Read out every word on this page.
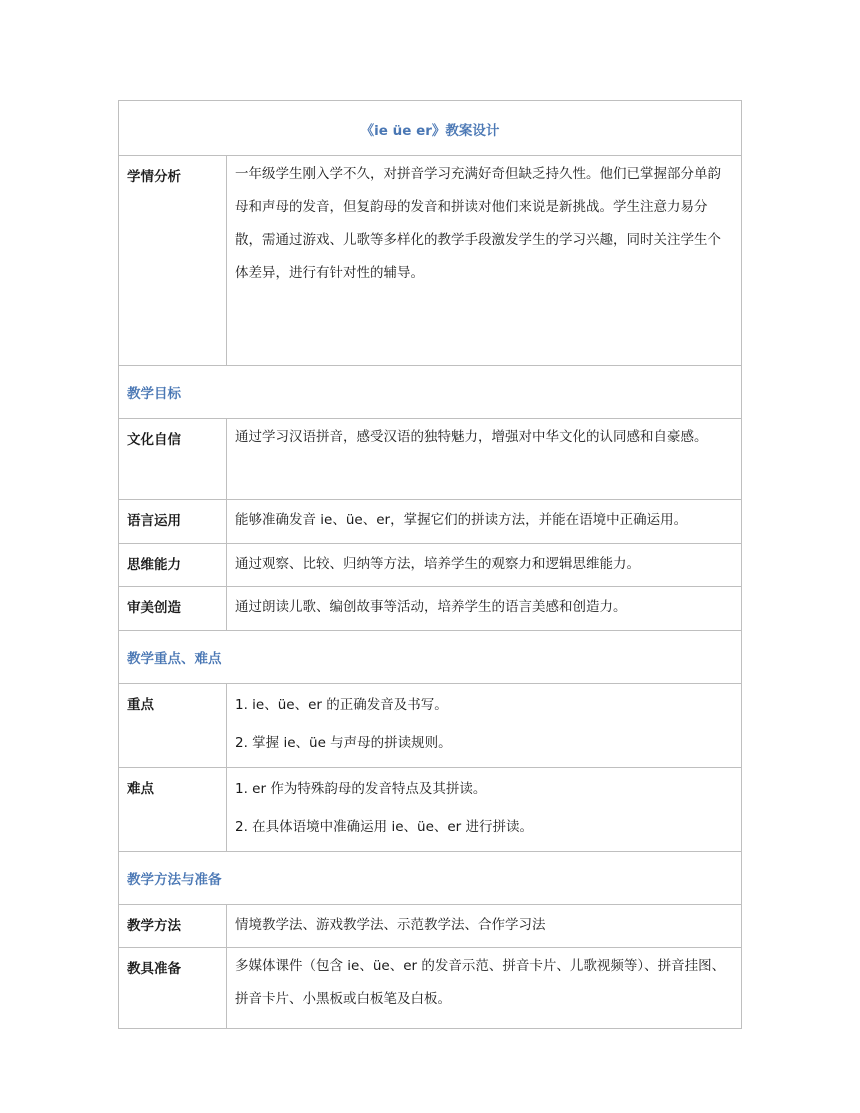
《ie üe er》教案设计	
学情分析	一年级学生刚入学不久，对拼音学习充满好奇但缺乏持久性。他们已掌握部分单韵母和声母的发音，但复韵母的发音和拼读对他们来说是新挑战。学生注意力易分散，需通过游戏、儿歌等多样化的教学手段激发学生的学习兴趣，同时关注学生个体差异，进行有针对性的辅导。
教学目标	
文化自信	通过学习汉语拼音，感受汉语的独特魅力，增强对中华文化的认同感和自豪感。
语言运用	能够准确发音 ie、üe、er，掌握它们的拼读方法，并能在语境中正确运用。
思维能力	通过观察、比较、归纳等方法，培养学生的观察力和逻辑思维能力。
审美创造	通过朗读儿歌、编创故事等活动，培养学生的语言美感和创造力。
教学重点、难点	
重点	1. ie、üe、er 的正确发音及书写。
2. 掌握 ie、üe 与声母的拼读规则。

难点	1. er 作为特殊韵母的发音特点及其拼读。
2. 在具体语境中准确运用 ie、üe、er 进行拼读。

教学方法与准备	
教学方法	情境教学法、游戏教学法、示范教学法、合作学习法
教具准备	多媒体课件（包含 ie、üe、er 的发音示范、拼音卡片、儿歌视频等）、拼音挂图、拼音卡片、小黑板或白板笔及白板。
